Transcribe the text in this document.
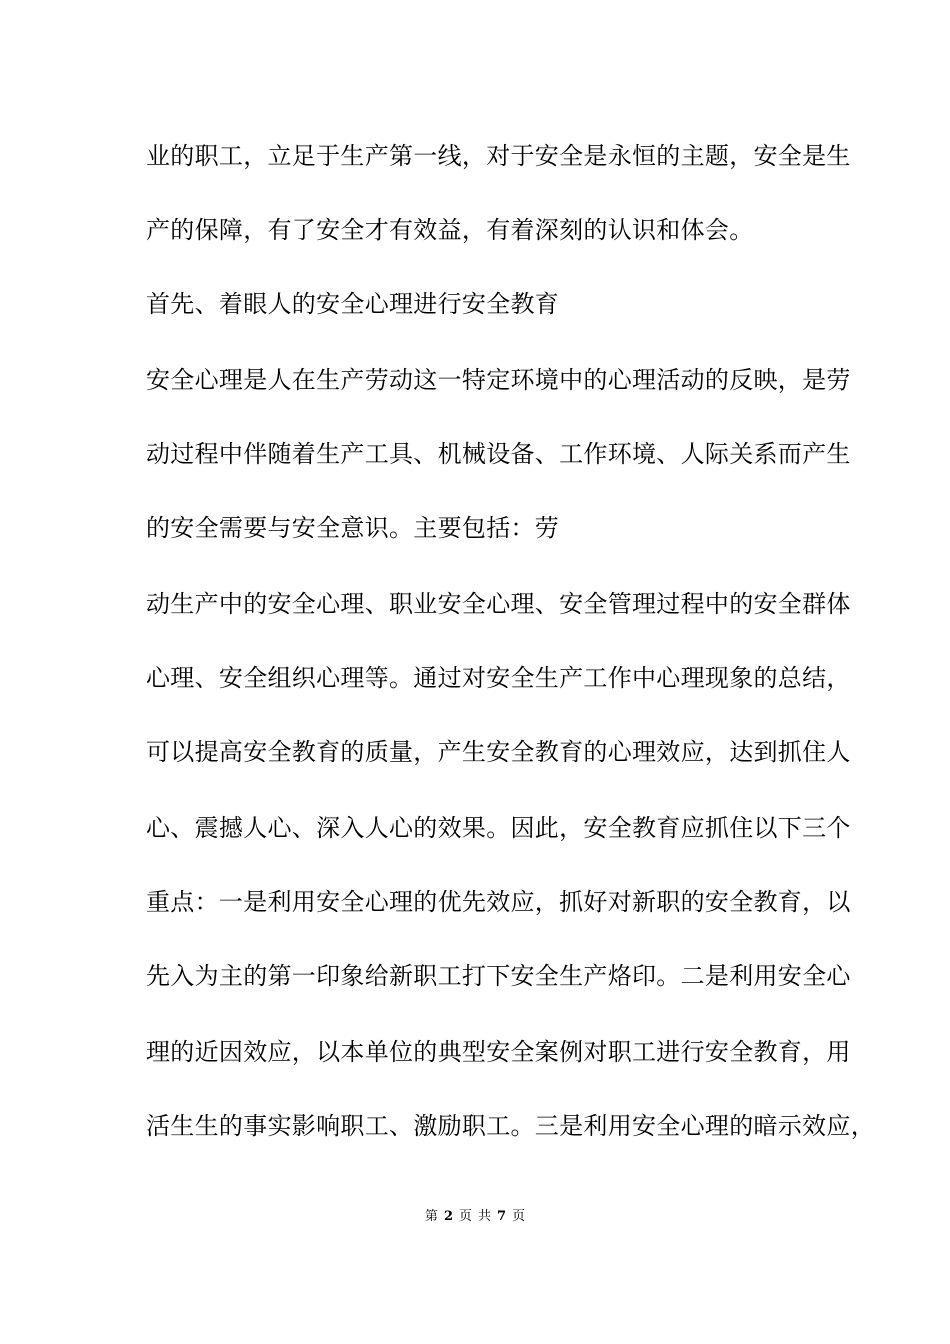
业的职工，立足于生产第一线，对于安全是永恒的主题，安全是生
产的保障，有了安全才有效益，有着深刻的认识和体会。
首先、着眼人的安全心理进行安全教育
安全心理是人在生产劳动这一特定环境中的心理活动的反映，是劳
动过程中伴随着生产工具、机械设备、工作环境、人际关系而产生
的安全需要与安全意识。主要包括：劳
动生产中的安全心理、职业安全心理、安全管理过程中的安全群体
心理、安全组织心理等。通过对安全生产工作中心理现象的总结，
可以提高安全教育的质量，产生安全教育的心理效应，达到抓住人
心、震撼人心、深入人心的效果。因此，安全教育应抓住以下三个
重点：一是利用安全心理的优先效应，抓好对新职的安全教育，以
先入为主的第一印象给新职工打下安全生产烙印。二是利用安全心
理的近因效应，以本单位的典型安全案例对职工进行安全教育，用
活生生的事实影响职工、激励职工。三是利用安全心理的暗示效应，
第 2 页 共 7 页
